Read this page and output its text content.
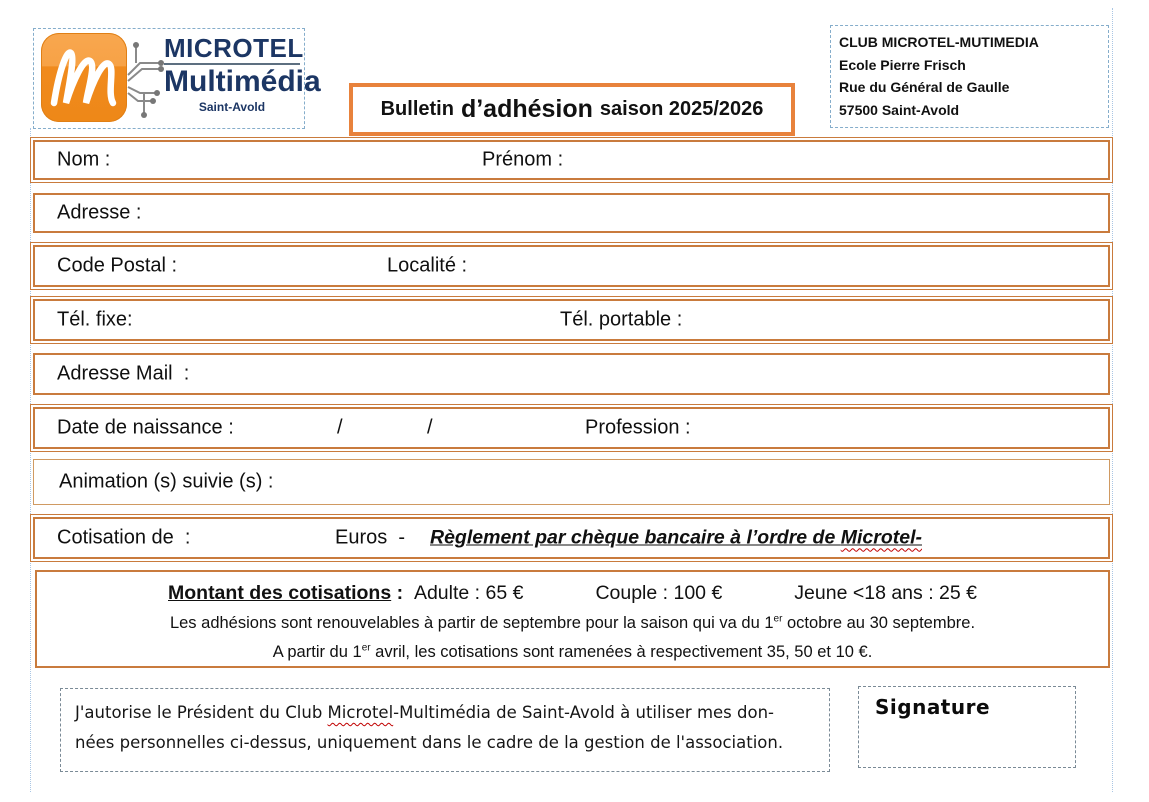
MICROTEL
Multimédia
Saint-Avold	Bulletin d’adhésion saison 2025/2026
CLUB MICROTEL-MUTIMEDIA
Ecole Pierre Frisch
Rue du Général de Gaulle
57500 Saint-Avold
Nom :	Prénom :
Adresse :
Code Postal :	Localité :
Tél. fixe:	Tél. portable :
Adresse Mail  :
Date de naissance :	/	/	Profession :
Animation (s) suivie (s) :
Cotisation de  :	Euros  - Règlement par chèque bancaire à l’ordre de Microtel-
Montant des cotisations : Adulte : 65 €	Couple : 100 €	Jeune <18 ans : 25 €
Les adhésions sont renouvelables à partir de septembre pour la saison qui va du 1er octobre au 30 septembre.
A partir du 1er avril, les cotisations sont ramenées à respectivement 35, 50 et 10 €.
J'autorise le Président du Club Microtel-Multimédia de Saint-Avold à utiliser mes don-
nées personnelles ci-dessus, uniquement dans le cadre de la gestion de l'association.
Signature
